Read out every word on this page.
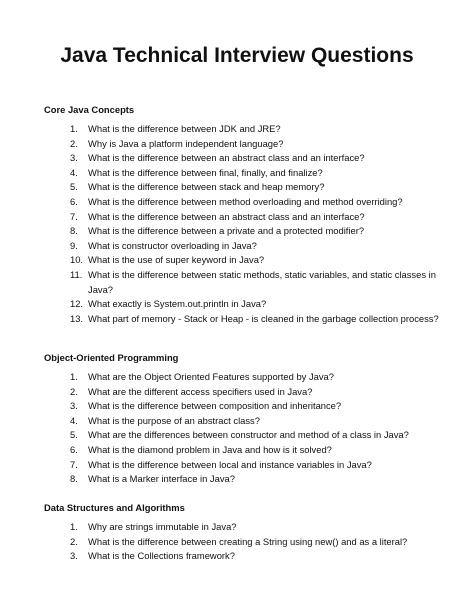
Java Technical Interview Questions
Core Java Concepts
1.	What is the difference between JDK and JRE?
2.	Why is Java a platform independent language?
3.	What is the difference between an abstract class and an interface?
4.	What is the difference between final, finally, and finalize?
5.	What is the difference between stack and heap memory?
6.	What is the difference between method overloading and method overriding?
7.	What is the difference between an abstract class and an interface?
8.	What is the difference between a private and a protected modifier?
9.	What is constructor overloading in Java?
10. What is the use of super keyword in Java?
11. What is the difference between static methods, static variables, and static classes in Java?
12. What exactly is System.out.println in Java?
13. What part of memory - Stack or Heap - is cleaned in the garbage collection process?
Object-Oriented Programming
1.	What are the Object Oriented Features supported by Java?
2.	What are the different access specifiers used in Java?
3.	What is the difference between composition and inheritance?
4.	What is the purpose of an abstract class?
5.	What are the differences between constructor and method of a class in Java?
6.	What is the diamond problem in Java and how is it solved?
7.	What is the difference between local and instance variables in Java?
8.	What is a Marker interface in Java?
Data Structures and Algorithms
1.	Why are strings immutable in Java?
2.	What is the difference between creating a String using new() and as a literal?
3.	What is the Collections framework?
